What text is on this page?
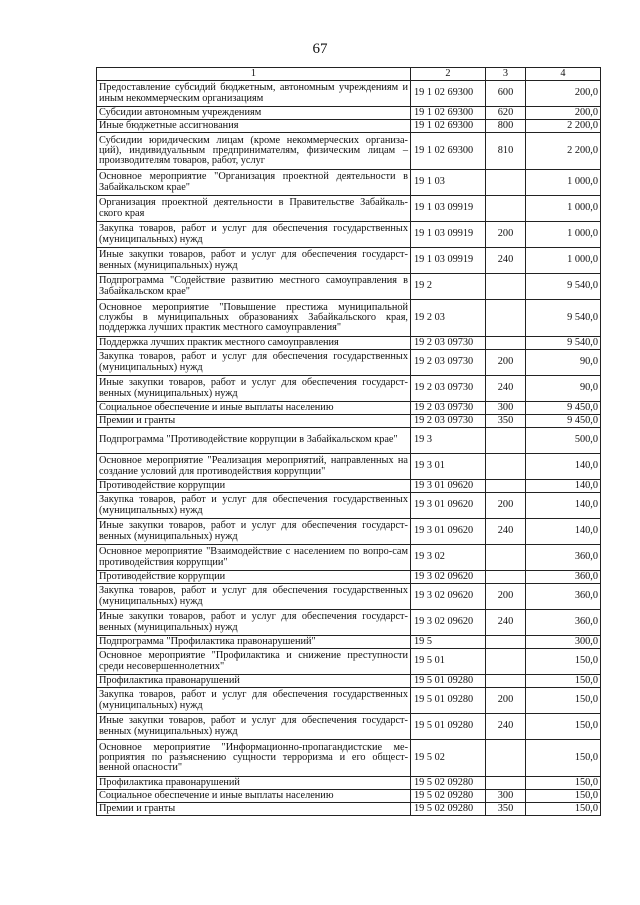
67
1	2	3	4
Предоставление субсидий бюджетным, автономным учреждениям и иным некоммерческим организациям	19 1 02 69300	600	200,0
Субсидии автономным учреждениям	19 1 02 69300	620	200,0
Иные бюджетные ассигнования	19 1 02 69300	800	2 200,0
Субсидии юридическим лицам (кроме некоммерческих организа-ций), индивидуальным предпринимателям, физическим лицам – производителям товаров, работ, услуг	19 1 02 69300	810	2 200,0
Основное мероприятие "Организация проектной деятельности в Забайкальском крае"	19 1 03		1 000,0
Организация проектной деятельности в Правительстве Забайкаль-ского края	19 1 03 09919		1 000,0
Закупка товаров, работ и услуг для обеспечения государственных (муниципальных) нужд	19 1 03 09919	200	1 000,0
Иные закупки товаров, работ и услуг для обеспечения государст-венных (муниципальных) нужд	19 1 03 09919	240	1 000,0
Подпрограмма "Содействие развитию местного самоуправления в Забайкальском крае"	19 2		9 540,0
Основное мероприятие "Повышение престижа муниципальной службы в муниципальных образованиях Забайкальского края, поддержка лучших практик местного самоуправления"	19 2 03		9 540,0
Поддержка лучших практик местного самоуправления	19 2 03 09730		9 540,0
Закупка товаров, работ и услуг для обеспечения государственных (муниципальных) нужд	19 2 03 09730	200	90,0
Иные закупки товаров, работ и услуг для обеспечения государст-венных (муниципальных) нужд	19 2 03 09730	240	90,0
Социальное обеспечение и иные выплаты населению	19 2 03 09730	300	9 450,0
Премии и гранты	19 2 03 09730	350	9 450,0
Подпрограмма "Противодействие коррупции в Забайкальском крае"	19 3		500,0
Основное мероприятие "Реализация мероприятий, направленных на создание условий для противодействия коррупции"	19 3 01		140,0
Противодействие коррупции	19 3 01 09620		140,0
Закупка товаров, работ и услуг для обеспечения государственных (муниципальных) нужд	19 3 01 09620	200	140,0
Иные закупки товаров, работ и услуг для обеспечения государст-венных (муниципальных) нужд	19 3 01 09620	240	140,0
Основное мероприятие "Взаимодействие с населением по вопро-сам противодействия коррупции"	19 3 02		360,0
Противодействие коррупции	19 3 02 09620		360,0
Закупка товаров, работ и услуг для обеспечения государственных (муниципальных) нужд	19 3 02 09620	200	360,0
Иные закупки товаров, работ и услуг для обеспечения государст-венных (муниципальных) нужд	19 3 02 09620	240	360,0
Подпрограмма "Профилактика правонарушений"	19 5		300,0
Основное мероприятие "Профилактика и снижение преступности среди несовершеннолетних"	19 5 01		150,0
Профилактика правонарушений	19 5 01 09280		150,0
Закупка товаров, работ и услуг для обеспечения государственных (муниципальных) нужд	19 5 01 09280	200	150,0
Иные закупки товаров, работ и услуг для обеспечения государст-венных (муниципальных) нужд	19 5 01 09280	240	150,0
Основное мероприятие "Информационно-пропагандистские ме-роприятия по разъяснению сущности терроризма и его общест-венной опасности"	19 5 02		150,0
Профилактика правонарушений	19 5 02 09280		150,0
Социальное обеспечение и иные выплаты населению	19 5 02 09280	300	150,0
Премии и гранты	19 5 02 09280	350	150,0
